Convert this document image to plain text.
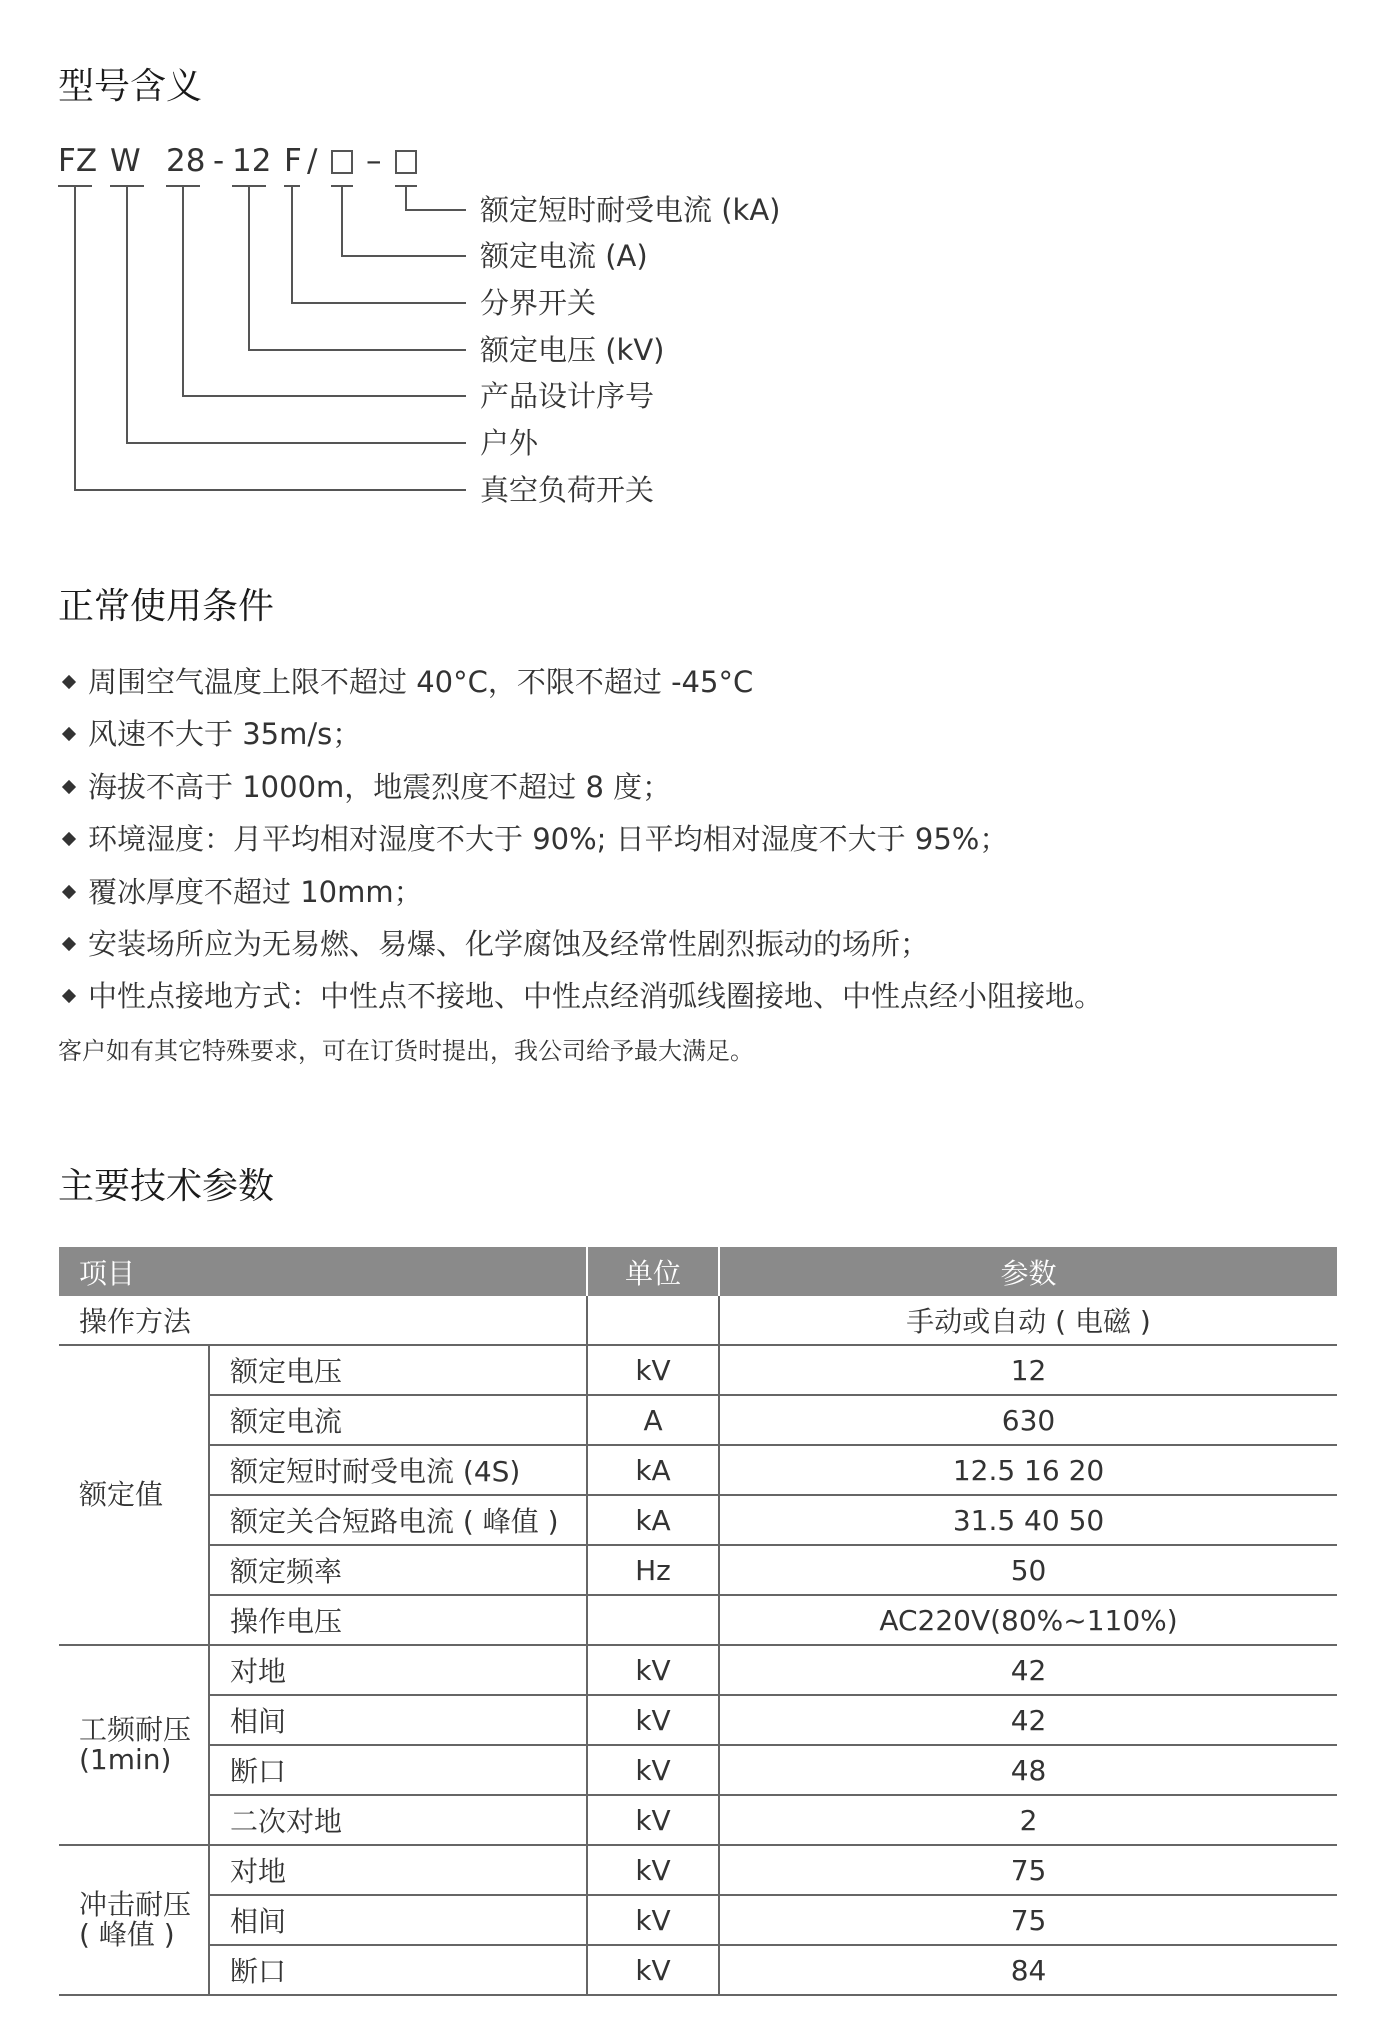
型号含义
FZ W 28 - 12 F / –
额定短时耐受电流 (kA)
额定电流 (A)
分界开关
额定电压 (kV)
产品设计序号
户外
真空负荷开关
正常使用条件
周围空气温度上限不超过 40°C，不限不超过 -45°C
风速不大于 35m/s；
海拔不高于 1000m，地震烈度不超过 8 度；
环境湿度：月平均相对湿度不大于 90%; 日平均相对湿度不大于 95%；
覆冰厚度不超过 10mm；
安装场所应为无易燃、易爆、化学腐蚀及经常性剧烈振动的场所；
中性点接地方式：中性点不接地、中性点经消弧线圈接地、中性点经小阻接地。
客户如有其它特殊要求，可在订货时提出，我公司给予最大满足。
主要技术参数
项目		单位	参数
操作方法			手动或自动 ( 电磁 )
额定值	额定电压	kV	12
	额定电流	A	630
	额定短时耐受电流 (4S)	kA	12.5 16 20
	额定关合短路电流 ( 峰值 )	kA	31.5 40 50
	额定频率	Hz	50
	操作电压		AC220V(80%~110%)
工频耐压
(1min)	对地	kV	42
	相间	kV	42
	断口	kV	48
	二次对地	kV	2
冲击耐压
( 峰值 )	对地	kV	75
	相间	kV	75
	断口	kV	84
